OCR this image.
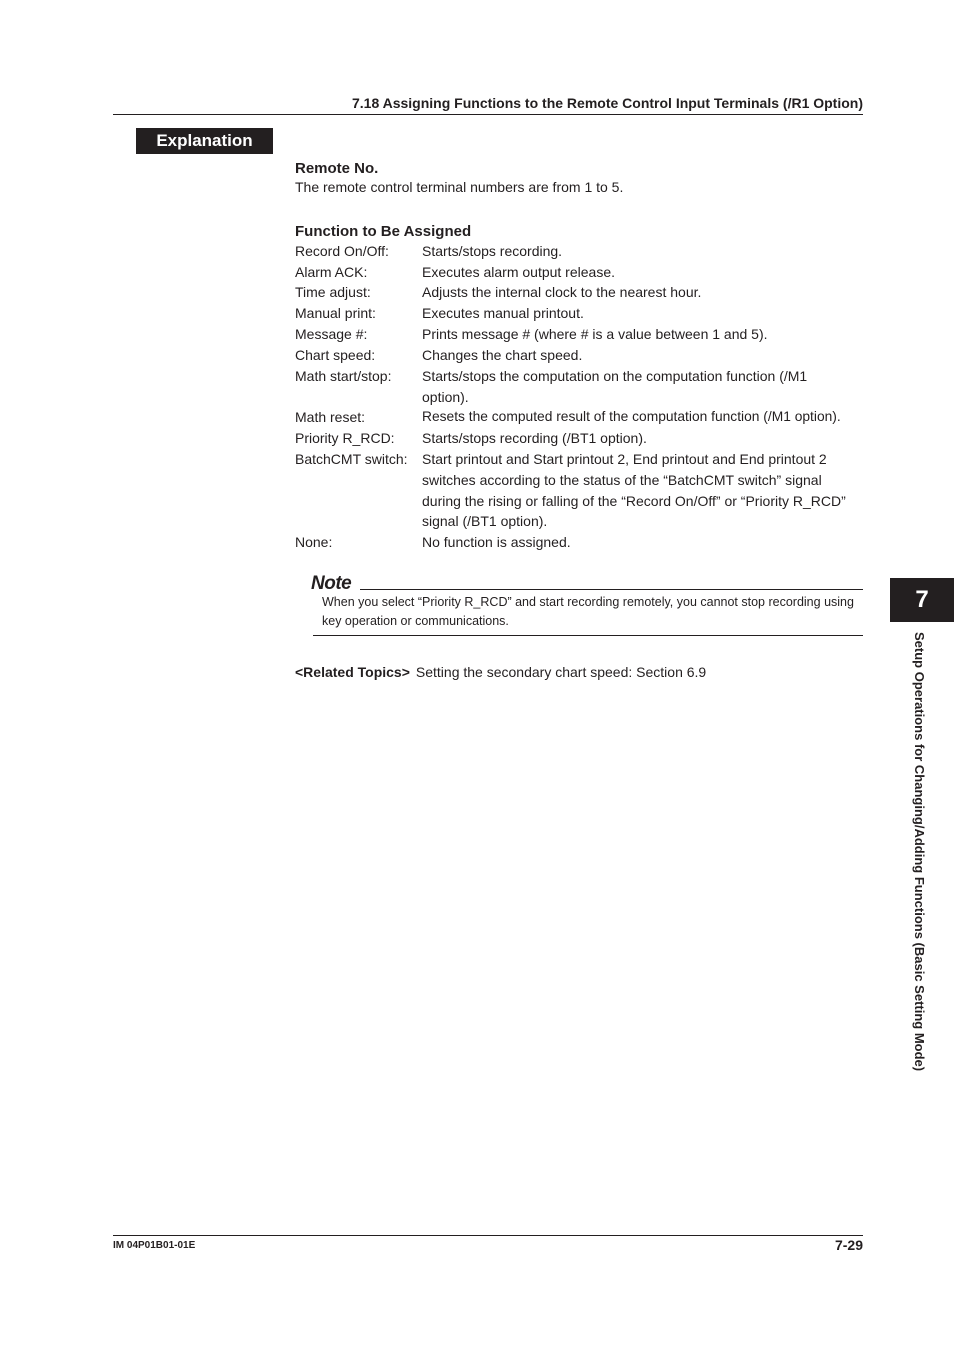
7.18 Assigning Functions to the Remote Control Input Terminals (/R1 Option)
Explanation
Remote No.
The remote control terminal numbers are from 1 to 5.
Function to Be Assigned
Record On/Off: Starts/stops recording.
Alarm ACK:	Executes alarm output release.
Time adjust:	Adjusts the internal clock to the nearest hour.
Manual print:	Executes manual printout.
Message #:	Prints message # (where # is a value between 1 and 5).
Chart speed:	Changes the chart speed.
Math start/stop: Starts/stops the computation on the computation function (/M1 option).
Math reset:	Resets the computed result of the computation function (/M1 option).
Priority R_RCD: Starts/stops recording (/BT1 option).
BatchCMT switch: Start printout and Start printout 2, End printout and End printout 2 switches according to the status of the “BatchCMT switch” signal during the rising or falling of the “Record On/Off” or “Priority R_RCD” signal (/BT1 option).
None:	No function is assigned.
Note
When you select “Priority R_RCD” and start recording remotely, you cannot stop recording using key operation or communications.
<Related Topics> Setting the secondary chart speed: Section 6.9
7
Setup Operations for Changing/Adding Functions (Basic Setting Mode)
IM 04P01B01-01E	7-29
